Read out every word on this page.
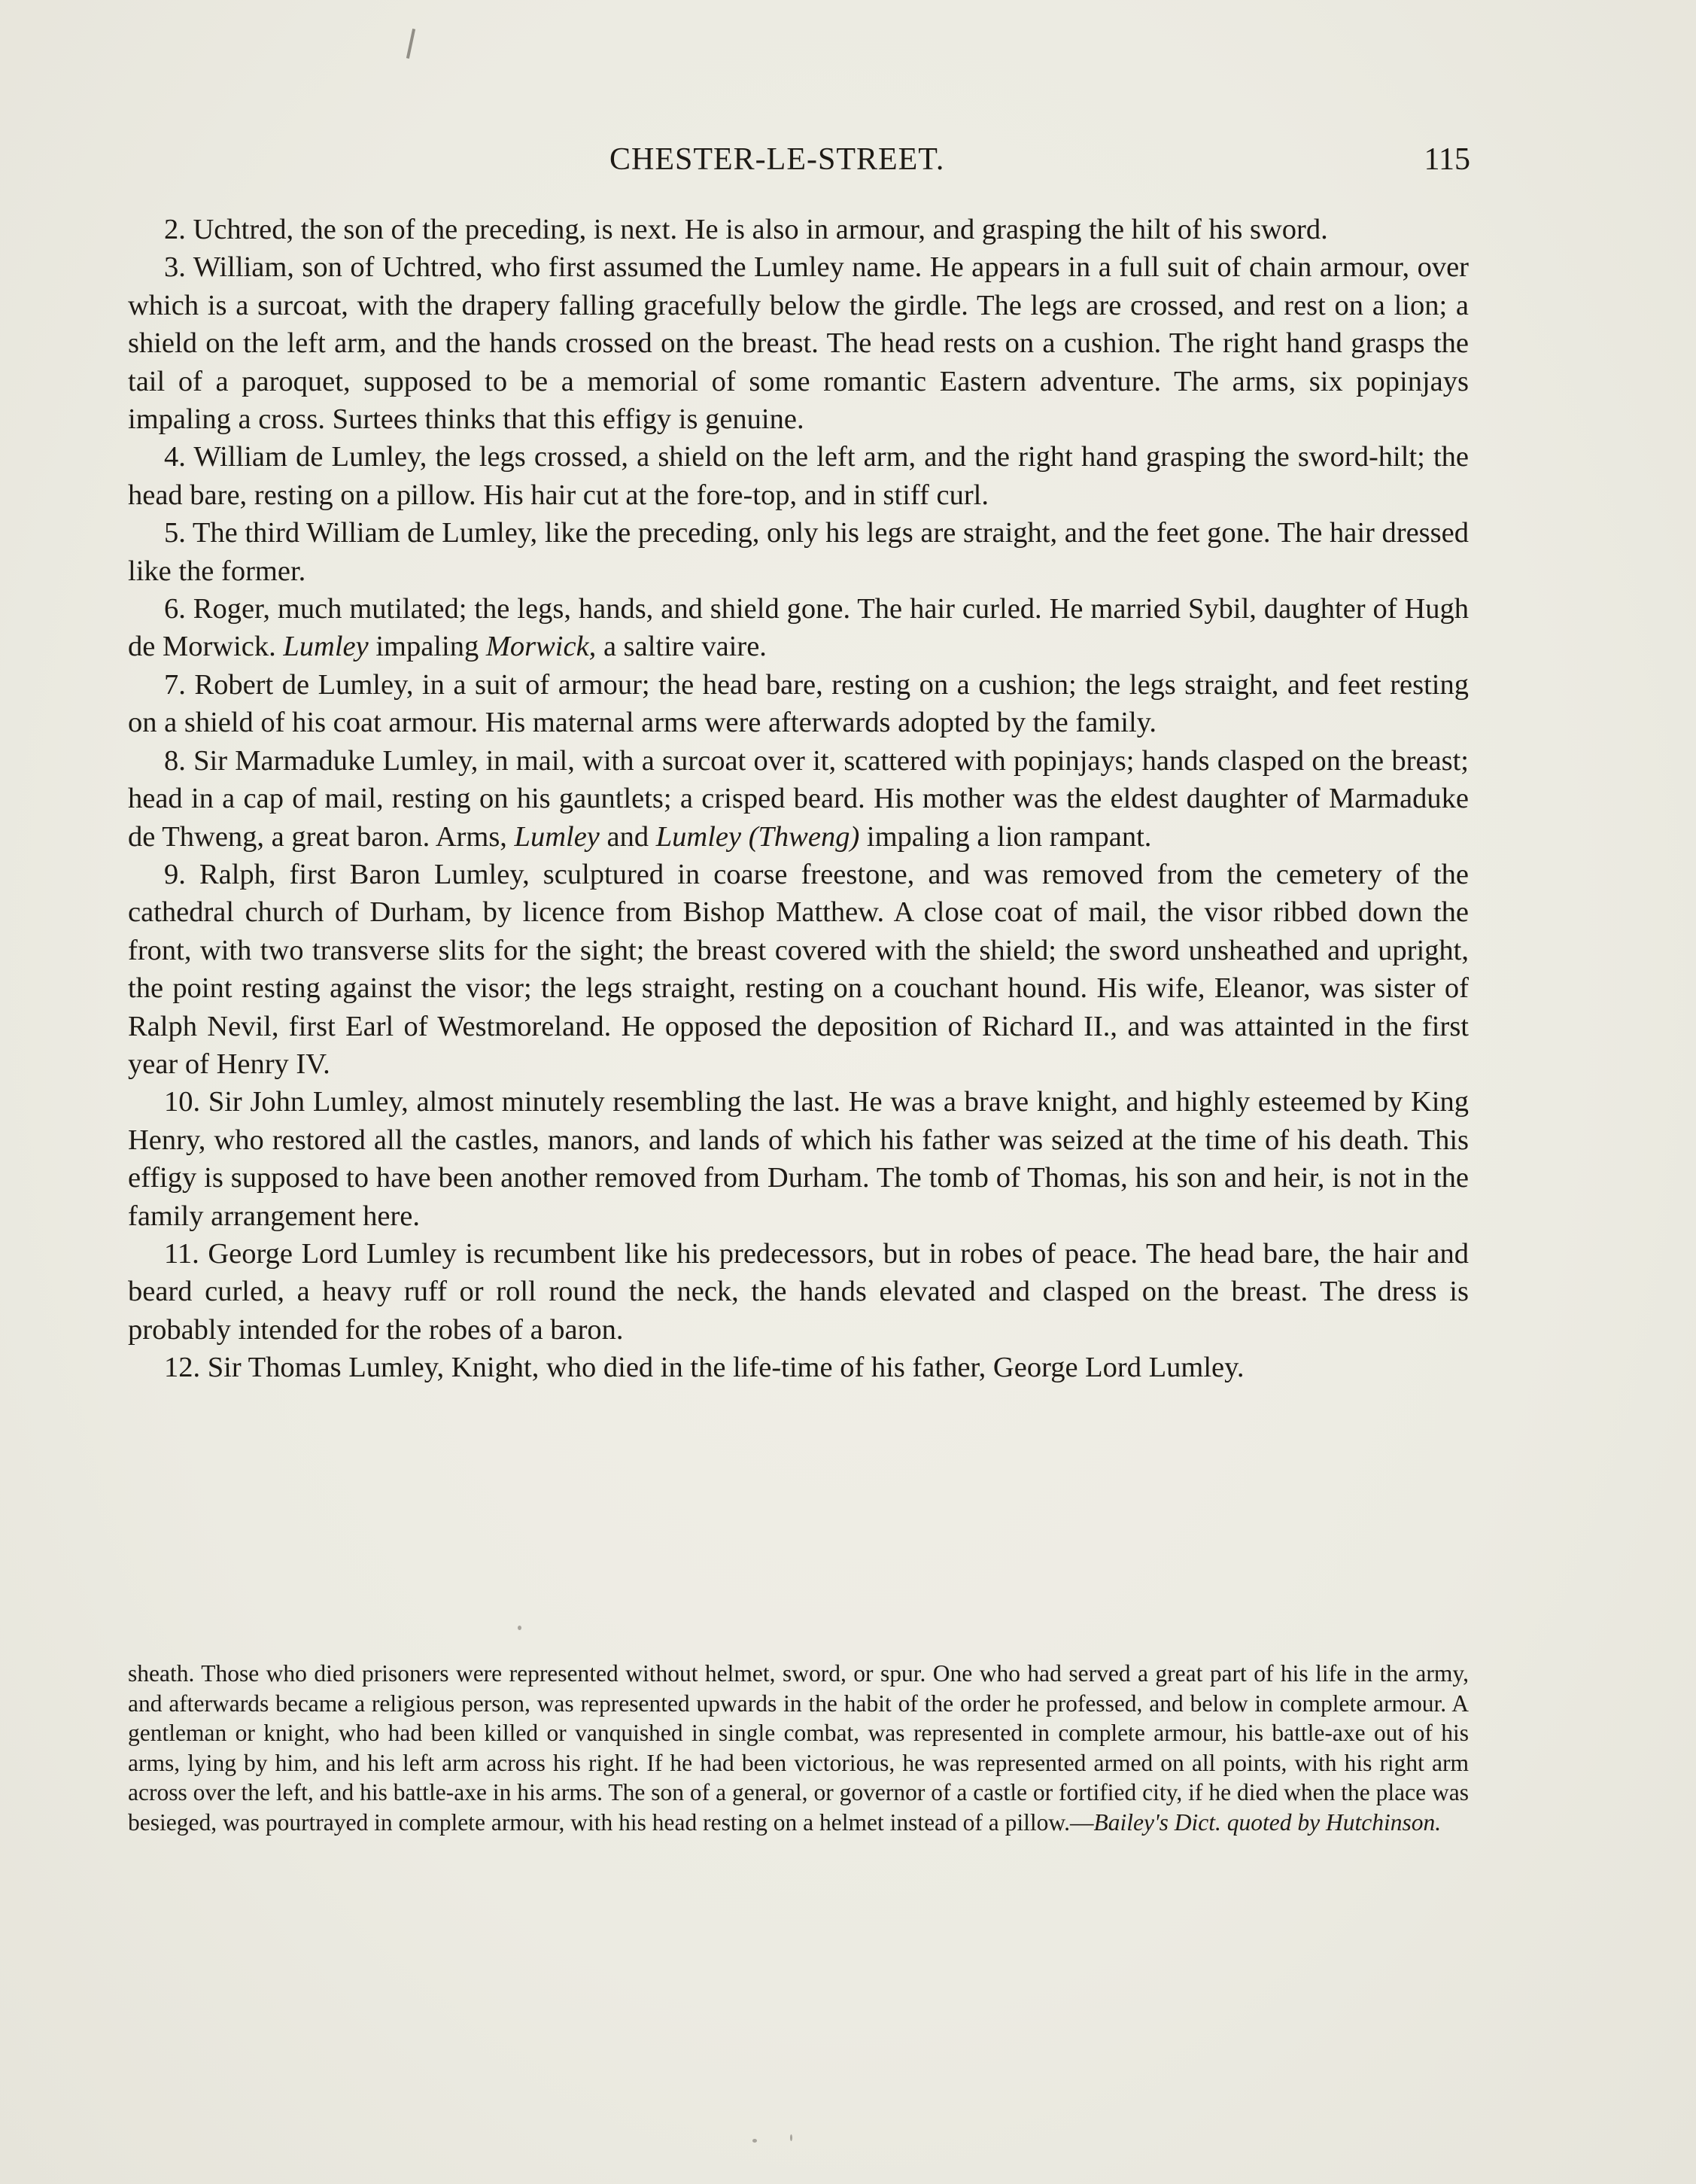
CHESTER-LE-STREET.	115

2. Uchtred, the son of the preceding, is next. He is also in armour, and grasping the hilt of his sword.

3. William, son of Uchtred, who first assumed the Lumley name. He appears in a full suit of chain armour, over which is a surcoat, with the drapery falling gracefully below the girdle. The legs are crossed, and rest on a lion; a shield on the left arm, and the hands crossed on the breast. The head rests on a cushion. The right hand grasps the tail of a paroquet, supposed to be a memorial of some romantic Eastern adventure. The arms, six popinjays impaling a cross. Surtees thinks that this effigy is genuine.

4. William de Lumley, the legs crossed, a shield on the left arm, and the right hand grasping the sword-hilt; the head bare, resting on a pillow. His hair cut at the fore-top, and in stiff curl.

5. The third William de Lumley, like the preceding, only his legs are straight, and the feet gone. The hair dressed like the former.

6. Roger, much mutilated; the legs, hands, and shield gone. The hair curled. He married Sybil, daughter of Hugh de Morwick. Lumley impaling Morwick, a saltire vaire.

7. Robert de Lumley, in a suit of armour; the head bare, resting on a cushion; the legs straight, and feet resting on a shield of his coat armour. His maternal arms were afterwards adopted by the family.

8. Sir Marmaduke Lumley, in mail, with a surcoat over it, scattered with popinjays; hands clasped on the breast; head in a cap of mail, resting on his gauntlets; a crisped beard. His mother was the eldest daughter of Marmaduke de Thweng, a great baron. Arms, Lumley and Lumley (Thweng) impaling a lion rampant.

9. Ralph, first Baron Lumley, sculptured in coarse freestone, and was removed from the cemetery of the cathedral church of Durham, by licence from Bishop Matthew. A close coat of mail, the visor ribbed down the front, with two transverse slits for the sight; the breast covered with the shield; the sword unsheathed and upright, the point resting against the visor; the legs straight, resting on a couchant hound. His wife, Eleanor, was sister of Ralph Nevil, first Earl of Westmoreland. He opposed the deposition of Richard II., and was attainted in the first year of Henry IV.

10. Sir John Lumley, almost minutely resembling the last. He was a brave knight, and highly esteemed by King Henry, who restored all the castles, manors, and lands of which his father was seized at the time of his death. This effigy is supposed to have been another removed from Durham. The tomb of Thomas, his son and heir, is not in the family arrangement here.

11. George Lord Lumley is recumbent like his predecessors, but in robes of peace. The head bare, the hair and beard curled, a heavy ruff or roll round the neck, the hands elevated and clasped on the breast. The dress is probably intended for the robes of a baron.

12. Sir Thomas Lumley, Knight, who died in the life-time of his father, George Lord Lumley.

sheath. Those who died prisoners were represented without helmet, sword, or spur. One who had served a great part of his life in the army, and afterwards became a religious person, was represented upwards in the habit of the order he professed, and below in complete armour. A gentleman or knight, who had been killed or vanquished in single combat, was represented in complete armour, his battle-axe out of his arms, lying by him, and his left arm across his right. If he had been victorious, he was represented armed on all points, with his right arm across over the left, and his battle-axe in his arms. The son of a general, or governor of a castle or fortified city, if he died when the place was besieged, was pourtrayed in complete armour, with his head resting on a helmet instead of a pillow.—Bailey's Dict. quoted by Hutchinson.
